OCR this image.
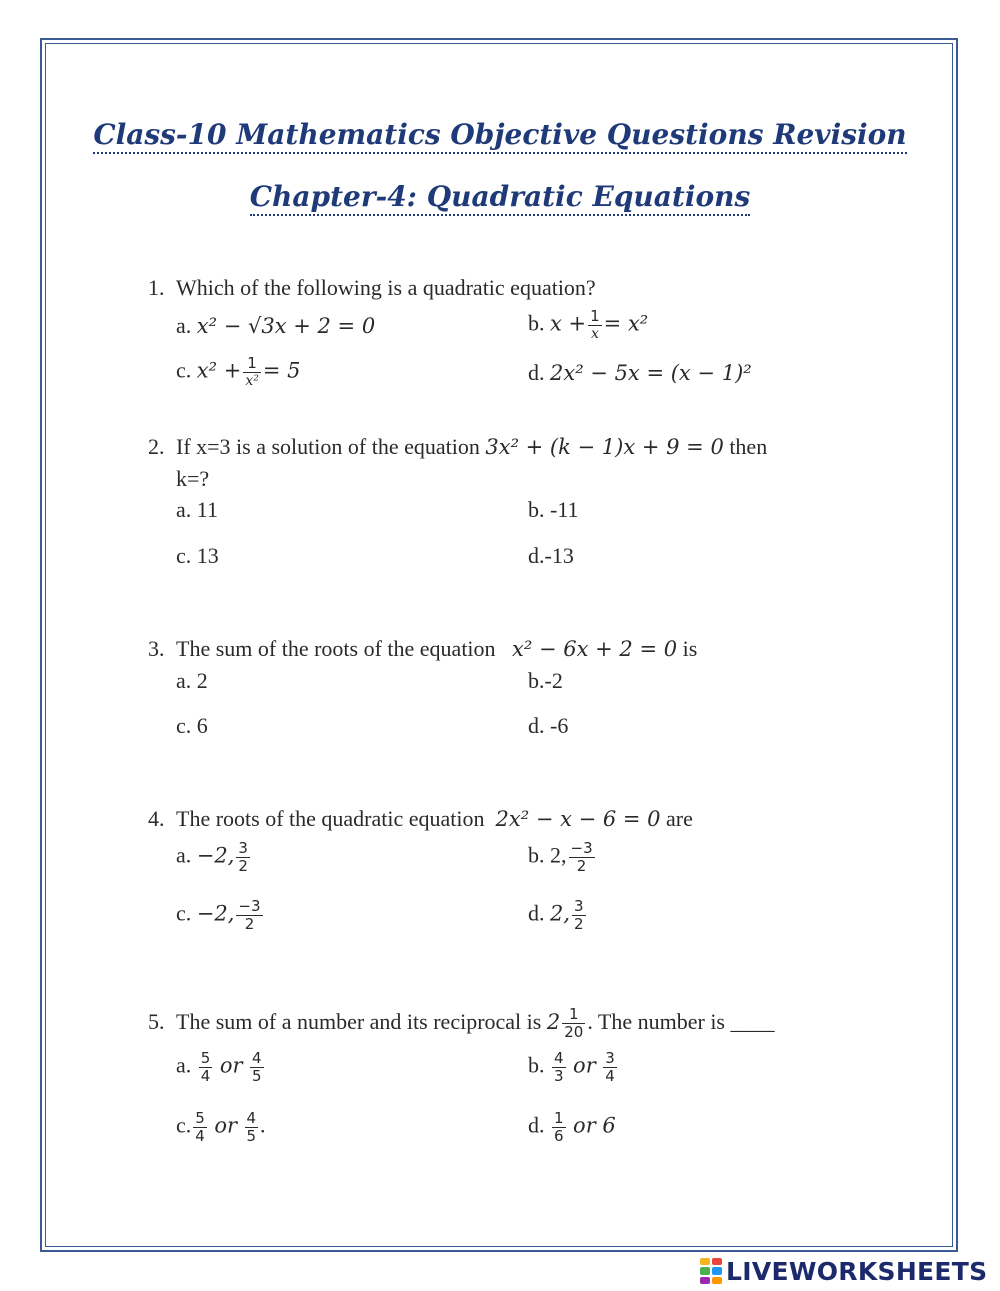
Class-10 Mathematics Objective Questions Revision
Chapter-4: Quadratic Equations
1. Which of the following is a quadratic equation?
a. x² − √3x + 2 = 0	b. $x + \frac{1}{x} = x^2$
c. $x^2 + \frac{1}{\text{x²}} = 5$	d. 2x² − 5x = (x − 1)²
2. If x=3 is a solution of the equation 3x² + (k − 1)x + 9 = 0 then
k=?
a. 11	b. -11
c. 13	d.-13
3. The sum of the roots of the equation x² − 6x + 2 = 0 is
a. 2	b.-2
c. 6	d. -6
4. The roots of the quadratic equation 2x² − x − 6 = 0 are
a. −2, $\frac{3}{2}$	b. 2, $\frac{-3}{2}$
c. −2, $\frac{-3}{2}$	d. 2, $\frac{3}{2}$
5. The sum of a number and its reciprocal is $2 \frac{1}{20}$ . The number is ____
a. $\frac{5}{4}$ or $\frac{4}{5}$	b. $\frac{4}{3}$ or $\frac{3}{4}$
c. $\frac{5}{4}$ or $\frac{4}{5}$ .	d. $\frac{1}{6}$ or 6
LIVEWORKSHEETS
